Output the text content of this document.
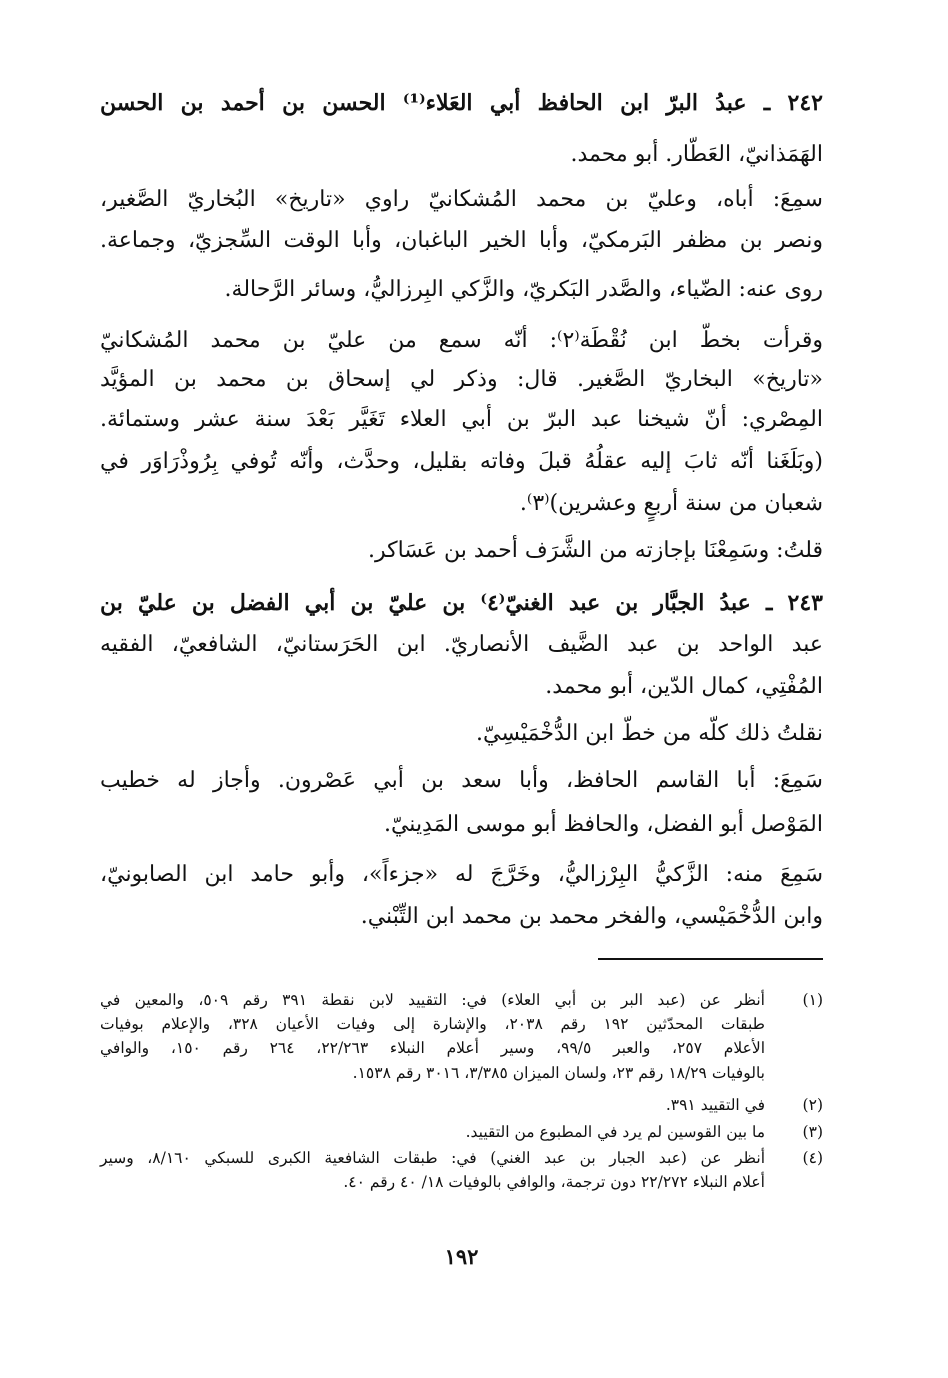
٢٤٢ ـ عبدُ البرّ ابن الحافظ أبي العَلاء⁽¹⁾ الحسن بن أحمد بن الحسن
الهَمَذانيّ، العَطّار. أبو محمد.
سمِعَ: أباه، وعليّ بن محمد المُشكانيّ راوي «تاريخ» البُخاريّ الصَّغير،
ونصر بن مظفر البَرمكيّ، وأبا الخير الباغبان، وأبا الوقت السِّجزيّ، وجماعة.
روى عنه: الضّياء، والصَّدر البَكريّ، والزَّكي البِرزاليُّ، وسائر الرَّحالة.
وقرأت بخطّ ابن نُقْطَة⁽٢⁾: أنّه سمع من عليّ بن محمد المُشكانيّ
«تاريخ» البخاريّ الصَّغير. قال: وذكر لي إسحاق بن محمد بن المؤيَّد
المِصْري: أنّ شيخنا عبد البرّ بن أبي العلاء تَغَيَّر بَعْدَ سنة عشر وستمائة.
(وبَلَغَنا أنّه ثابَ إليه عقلُهُ قبلَ وفاته بقليل، وحدَّث، وأنّه تُوفي بِرُوذْرَاوَر في
شعبان من سنة أربعٍ وعشرين)⁽٣⁾.
قلتُ: وسَمِعْنَا بإجازته من الشَّرَف أحمد بن عَسَاكر.
٢٤٣ ـ عبدُ الجبَّار بن عبد الغنيّ⁽٤⁾ بن عليّ بن أبي الفضل بن عليّ بن
عبد الواحد بن عبد الضَّيف الأنصاريّ. ابن الحَرَستانيّ، الشافعيّ، الفقيه
المُفْتِي، كمال الدّين، أبو محمد.
نقلتُ ذلك كلّه من خطّ ابن الدُّخْمَيْسِيّ.
سَمِعَ: أبا القاسم الحافظ، وأبا سعد بن أبي عَصْرون. وأجاز له خطيب
المَوْصل أبو الفضل، والحافظ أبو موسى المَدِينيّ.
سَمِعَ منه: الزَّكيُّ البِرْزاليُّ، وخَرَّجَ له «جزءاً»، وأبو حامد ابن الصابونيّ،
وابن الدُّخْمَيْسي، والفخر محمد بن محمد ابن التِّبْني.
(١)
أنظر عن (عبد البر بن أبي العلاء) في: التقييد لابن نقطة ٣٩١ رقم ٥٠٩، والمعين في
طبقات المحدّثين ١٩٢ رقم ٢٠٣٨، والإشارة إلى وفيات الأعيان ٣٢٨، والإعلام بوفيات
الأعلام ٢٥٧، والعبر ٩٩/٥، وسير أعلام النبلاء ٢٢/٢٦٣، ٢٦٤ رقم ١٥٠، والوافي
بالوفيات ١٨/٢٩ رقم ٢٣، ولسان الميزان ٣/٣٨٥، ٣٠١٦ رقم ١٥٣٨.
(٢)
في التقييد ٣٩١.
(٣)
ما بين القوسين لم يرد في المطبوع من التقييد.
(٤)
أنظر عن (عبد الجبار بن عبد الغني) في: طبقات الشافعية الكبرى للسبكي ٨/١٦٠، وسير
أعلام النبلاء ٢٢/٢٧٢ دون ترجمة، والوافي بالوفيات ١٨/ ٤٠ رقم ٤٠.
١٩٢
